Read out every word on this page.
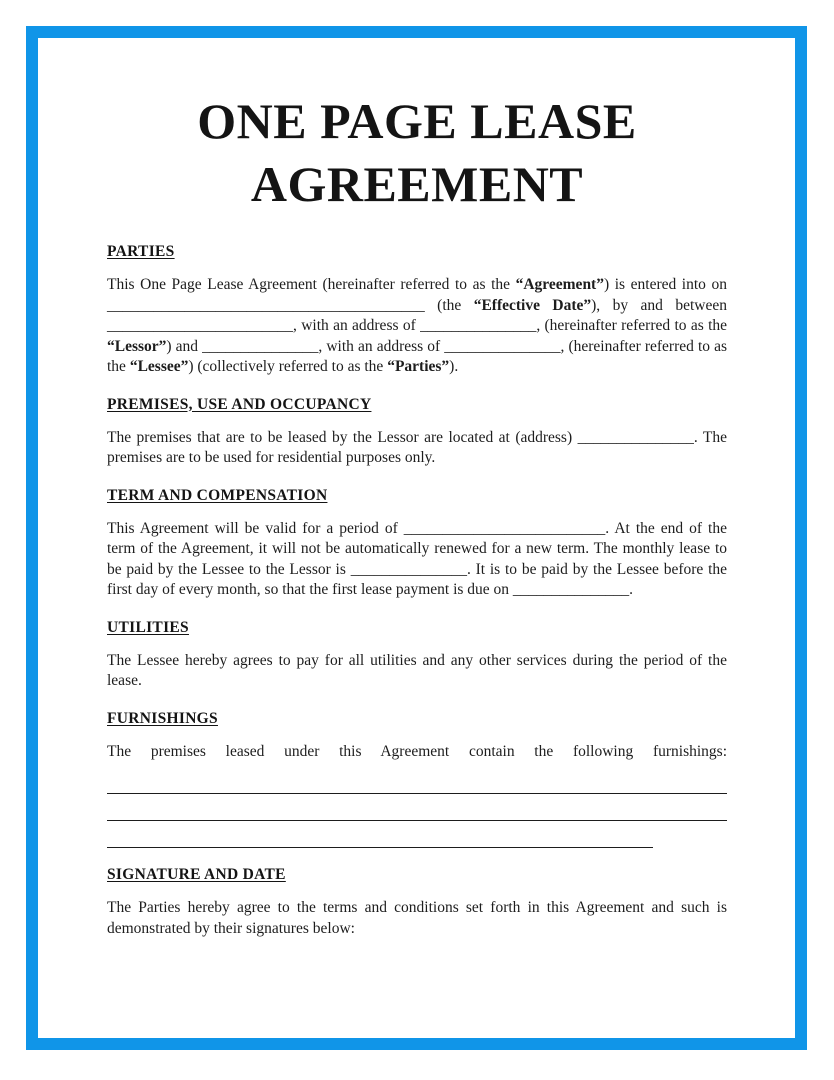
ONE PAGE LEASE
AGREEMENT
PARTIES

This One Page Lease Agreement (hereinafter referred to as the “Agreement”) is entered into on _________________________________________ (the “Effective Date”), by and between ________________________, with an address of _______________, (hereinafter referred to as the “Lessor”) and _______________, with an address of _______________, (hereinafter referred to as the “Lessee”) (collectively referred to as the “Parties”).

PREMISES, USE AND OCCUPANCY

The premises that are to be leased by the Lessor are located at (address) _______________. The premises are to be used for residential purposes only.

TERM AND COMPENSATION

This Agreement will be valid for a period of __________________________. At the end of the term of the Agreement, it will not be automatically renewed for a new term. The monthly lease to be paid by the Lessee to the Lessor is _______________. It is to be paid by the Lessee before the first day of every month, so that the first lease payment is due on _______________.

UTILITIES

The Lessee hereby agrees to pay for all utilities and any other services during the period of the lease.

FURNISHINGS

The premises leased under this Agreement contain the following furnishings:

SIGNATURE AND DATE

The Parties hereby agree to the terms and conditions set forth in this Agreement and such is demonstrated by their signatures below:
